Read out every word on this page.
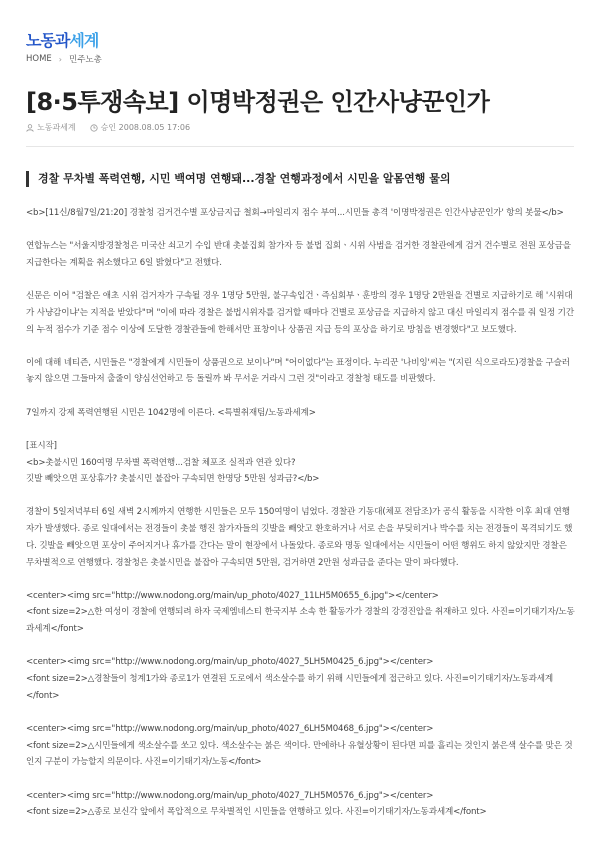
노동과세계
HOME › 민주노총
[8·5투쟁속보] 이명박정권은 인간사냥꾼인가
노동과세계	승인 2008.08.05 17:06
경찰 무차별 폭력연행, 시민 백여명 연행돼...경찰 연행과정에서 시민을 알몸연행 물의

<b>[11신/8월7일/21:20] 경찰청 검거건수별 포상금지급 철회→마일리지 점수 부여...시민들 총격 '이명박정권은 인간사냥꾼인가' 항의 봇물</b>

연합뉴스는 "서울지방경찰청은 미국산 쇠고기 수입 반대 촛불집회 참가자 등 불법 집회ㆍ시위 사범을 검거한 경찰관에게 검거 건수별로 전원 포상금을 지급한다는 계획을 취소했다고 6일 밝혔다"고 전했다.

신문은 이어 "검찰은 애초 시위 검거자가 구속될 경우 1명당 5만원, 불구속입건ㆍ즉심회부ㆍ훈방의 경우 1명당 2만원을 건별로 지급하기로 해 '시위대가 사냥감이냐'는 지적을 받았다"며 "이에 따라 경찰은 불법시위자를 검거할 때마다 건별로 포상금을 지급하지 않고 대신 마일리지 점수를 줘 일정 기간의 누적 점수가 기준 점수 이상에 도달한 경찰관들에 한해서만 표창이나 상품권 지급 등의 포상을 하기로 방침을 변경했다"고 보도했다.

이에 대해 네티즌, 시민들은 "경찰에게 시민들이 상품권으로 보이나"며 "어이없다"는 표정이다. 누리꾼 '나비잉'씨는 "(지린 식으로라도)경찰을 구슬러 놓지 않으면 그들마저 출줄이 양심선언하고 등 돌릴까 봐 무서운 거라시 그런 것"이라고 경찰청 태도를 비판했다.

7일까지 강제 폭력연행된 시민은 1042명에 이른다. <특별취재팀/노동과세계>

[표시작]
<b>촛불시민 160여명 무차별 폭력연행...검찰 체포조 실적과 연관 있다?
깃발 빼앗으면 포상휴가? 촛불시민 불잡아 구속되면 한명당 5만원 성과금?</b>

경찰이 5일저녁부터 6일 새벽 2시께까지 연행한 시민들은 모두 150여명이 넘었다. 경찰관 기동대(체포 전담조)가 공식 활동을 시작한 이후 최대 연행자가 발생했다. 종로 일대에서는 전경들이 촛불 행진 참가자들의 깃발을 빼앗고 환호하거나 서로 손을 부딪히거나 박수를 치는 전경들이 목격되기도 했다. 깃발을 빼앗으면 포상이 주어지거나 휴가를 간다는 말이 현장에서 나돌았다. 종로와 명동 일대에서는 시민들이 어떤 행위도 하지 않았지만 경찰은 무차별적으로 연행했다. 경찰청은 촛불시민을 불잡아 구속되면 5만원, 검거하면 2만원 성과금을 준다는 말이 파다했다.

<center><img src="http://www.nodong.org/main/up_photo/4027_11LH5M0655_6.jpg"></center>
<font size=2>△한 여성이 경찰에 연행되려 하자 국제엠네스티 한국지부 소속 한 활동가가 경찰의 강경진압을 취재하고 있다. 사진=이기태기자/노동과세계</font>

<center><img src="http://www.nodong.org/main/up_photo/4027_5LH5M0425_6.jpg"></center>
<font size=2>△경찰들이 청계1가와 종로1가 연결된 도로에서 색소살수를 하기 위해 시민들에게 접근하고 있다. 사진=이기태기자/노동과세계</font>

<center><img src="http://www.nodong.org/main/up_photo/4027_6LH5M0468_6.jpg"></center>
<font size=2>△시민들에게 색소살수를 쏘고 있다. 색소살수는 붉은 색이다. 만에하나 유혈상황이 된다면 피를 흘리는 것인지 붉은색 살수를 맞은 것인지 구분이 가능할지 의문이다. 사진=이기태기자/노동</font>

<center><img src="http://www.nodong.org/main/up_photo/4027_7LH5M0576_6.jpg"></center>
<font size=2>△종로 보신각 앞에서 폭압적으로 무차별적인 시민들을 연행하고 있다. 사진=이기태기자/노동과세계</font>
